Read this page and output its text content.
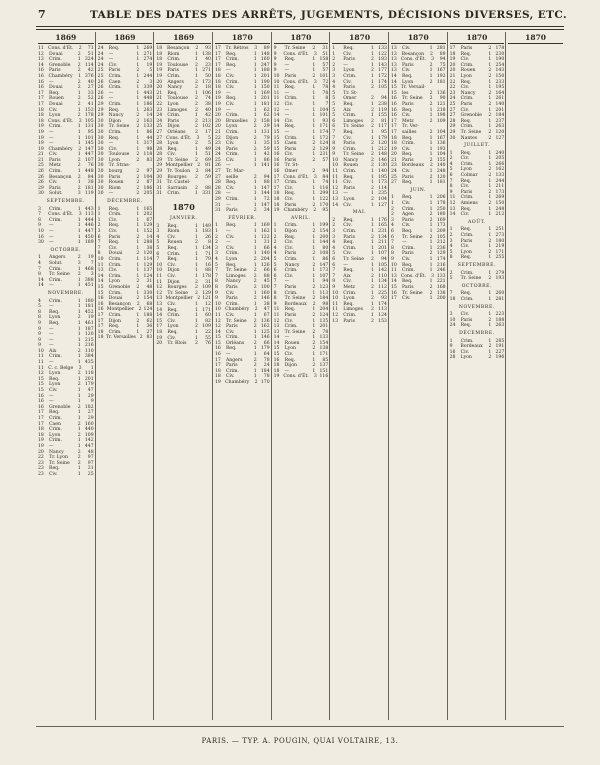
7	TABLE DES DATES DES ARRÊTS, JUGEMENTS, DÉCISIONS DIVERSES, ETC.
1869
11 Cons. d'Ét.	2	71
12	Douai	2	51
13	Crim.	1 324
14	Grenoble	2 114
16	Paris	2	42
16	Chambéry	1 376
16	—	2	40
16	Douai	2	27
17	Req.	1	33
17	Rouen	2	52
17	Douai	2	41
18	Civ.	1 153
18	Lyon	2 178
18 Cons. d'Ét.	3 105
19	Crim.	1 131
19	—	1	95
19	—	1 101
19	—	1 145
19	Chambéry	2 147
21	Civ.	1 447
21	Paris	2 107
25	Metz	2	76
26	Crim.	1 448
26	Besançon	2	84
26	Civ.	1	38
29	Paris	2 181
30	Solut.	3 119
SEPTEMBRE.
3	Crim.	1 443
7	Cons. d'Ét.	3 113
8	Crim.	1 444
9	—	1 446
10	—	1 447
16	—	1 450
30	—	1 189
OCTOBRE.
1	Angers	2	19
4	Solut.	3	7
7	Crim.	1 468
8	Tr. Seine	2	3
14	Crim.	1 388
14	—	1 451
NOVEMBRE.
4	Crim.	1 180
5	—	1 181
8	Req.	1 452
8	Lyon	2	19
9	Req.	1 461
9	—	1 187
9	—	1 120
9	—	1 215
9	—	1 216
10	Aix	2 110
11	Crim.	1 384
11	—	1 435
11 C. c. Belge	3	1
12	Lyon	2 118
15	Req.	1 201
15	Lyon	2 179
15	Civ.	1	47
16	—	1	29
16	—	1	9
16	Grenoble	2 182
17	Req.	1	27
17	Crim.	1	29
17	Caen	2 160
18	Crim.	1 440
18	Lyon	2 109
19	Crim.	1 142
19	—	1 447
20	Nancy	2	48
22	Tr. Lyon	2	97
23	Tr. Seine	2	97
23	Req.	1	31
23	Civ.	1	25
1869
24	Req.	1 269
24	—	1 271
24	—	1 274
24	Civ.	1	19
25	Paris	2	5
25	Crim.	1 244
26	Caen	2	3
26	Crim.	1 339
26	—	1 443
26	—	1 448
29	Crim.	1 186
29	Req.	1 263
29	Nancy	2	14
30	Dijon	2 163
30	Tr. Seine	2 133
30	Crim.	1	86
30	Req.	1	44
30	—	1 317
30	Civ.	1	98
30	Toulouse	2 118
30	Lyon	2	83
30	Tr. Stras-
30	bourg	2	97
30	Paris	2 104
30	Rouen	2	87
30	Riom	2 186
30	—	2 205
DÉCEMBRE.
1	Req.	1 165
1	Crim.	1 202
1	Civ.	1	67
2	Req.	1 129
3	Civ.	1 152
6	Paris	2	14
7	Req.	1 288
7	Civ.	1	38
8	Douai	2 120
10	Crim.	1 114
11	Crim.	1 129
13	Civ.	1 137
14	Crim.	1 124
14	Lyon	2	31
15	Grenoble	2	48
15	Crim.	1 330
16	Douai	2 154
16	Besançon	2	68
16 Montpellier 2 124
17	Crim.	1 188
17	Dijon	2	62
17	Req.	1	36
18	Crim.	1	27
18 Tr. Versailles 2 83
1869
18	Besançon	2	93
18	Riom	1 138
18	Crim.	1	40
19	Toulouse	2	23
19	Paris	1 271
19	Crim.	1	50
20	Angers	2 173
20	Nancy	2	18
21	Req.	1 106
21	Toulouse	2	74
22	Lyon	2	38
23	Limoges	2	40
24	Crim.	1	42
24	Paris	2 213
25	Dijon	2 102
27	Orléans	2	17
27 Cons. d'Ét.	3	5
28	Lyon	2	5
28	Req.	1	49
28	Civ.	1	51
29	Tr. Seine	2	69
29 Montpellier 2	81
29 Tr. Toulon	2	84
30	Bourges	2	59
31 Tr. Castel-
31	Sarrasin	2	88
31	Crim.	1 331
1870
JANVIER.
3	Req.	1 149
3	Riom	1 183
4	Civ.	1	26
5	Rouen	2	8
5	Req.	1 134
6	Crim.	1	71
7	Req.	1	79
10	Civ.	1	16
10	Dijon	1	88
11	Civ.	1 178
11	Dijon	2	31
12	Bourges	2 109
12	Tr. Seine	2 129
13 Montpellier 2 121
13	Civ.	1	12
14	Req.	1 171
14	Crim.	1	60
15	Civ.	1	82
17	Lyon	2 109
18	Req.	1	22
19	Civ.	1	55
20	Tr. Blois	2	76
1870
17	Tr. Rétros	3	89
17	Req.	1 148
17	Crim.	1 160
17	Req.	1 247
18	—	1 188
18	Civ.	1 201
18	Crim.	1 190
18	Civ.	1 150
19	—	1 169
19	Req.	1 201
19	Civ.	1 181
19	—	1	62
20	Crim.	1	62
20	Bruxelles	2 158
20	Lyon	2	29
21	Crim.	1 131
22	Dijon	2	79
23	Civ.	1	35
24	Paris	2	59
24	Crim.	1	42
25	Civ.	1	86
26	—	1 141
27	Tr. Mar-
27	seille	2	94
28	Req.	1	88
28	Civ.	1 147
28	—	1 144
29	Crim.	1	72
31	—	1 147
31	Paris	2	34
FÉVRIER.
1	Req.	1 169
1	—	1 162
2	Civ.	1 122
2	—	1	31
3	Civ.	1	66
3	Crim.	1 140
4	Lyon	2 204
5	Req.	1 126
7	Tr. Seine	2	66
7	Limoges	2	88
8	Nancy	2	45
8	Paris	2 100
9	Civ.	1 160
9	Paris	2 146
10	Crim.	1	38
10 Chambéry	2	47
11	Civ.	1	67
12	Tr. Seine	2 136
12	Paris	2 162
14	Civ.	1 125
15	Crim.	1 146
15	Orléans	2	66
16	Req.	1 179
16	—	1	64
17	Angers	2	78
17	Paris	2	24
18	Crim.	1 184
18	Civ.	1	78
19 Chambéry	2 170
1870
9	Tr. Seine	2	31
9	Cons. d'Ét.	3	51
9	Req.	1 158
9	—	1	57
9	—	1	57
10	Paris	2 101
10 Cons. d'Ét.	3	72
11	Req.	1	78
11	—	1	78
11	Crim.	1	8
12	Civ.	1	7
12	—	1 104
14	—	1 101
14	Civ.	1	93
14	Req.	1 171
15	—	1 174
15	Crim.	1 172
15	Caen	2 124
15	Paris	2 129
16	Civ.	1 231
16	Paris	2	57
16	Tr. St-
16	Omer	2	94
17 Cons. d'Ét.	3	84
17	Crim.	1	74
17	Civ.	1 116
18	Req.	1 299
18	Civ.	1 122
18	Paris	2 170
19 Chambéry	2	95
AVRIL.
1	Crim.	1 199
1	Dijon	2 154
2	Req.	1 200
2	Civ.	1 144
4	Civ.	1	80
4	Paris	2 108
5	Crim.	1	86
5	Nancy	2 147
6	Crim.	1 173
6	Civ.	1 107
7	—	1	94
7	Paris	2 123
8	Crim.	1 113
8	Tr. Seine	2 184
9	Bordeaux	2	98
11	Req.	1 204
11	Paris	2 124
12	Civ.	1 135
13	Crim.	1 201
13	Tr. Seine	2	78
14	—	1 133
14	Rouen	2 154
15	Lyon	2 138
15	Civ.	1 171
16	Req.	1	85
18	Dijon	2 137
18	—	1 151
19 Cons. d'Ét.	3 116
1870
1	Req.	1 133
1	Civ.	1 122
2	Paris	2 183
2	—	1 143
3	Lyon	2 177
3	Crim.	1 172
4	Civ.	1 174
4	Paris	2 105
5	Tr. St-
5	Omer	2	94
5	Req.	1 238
5	Aix	2 119
5	Crim.	1 155
6	Limoges	2	81
6	Tr. Seine	2 117
7	Req.	1	95
7	Civ.	1 179
8	Paris	2 120
9	Crim.	1 212
9	Tr. Seine	2 148
10	Nancy	2 146
10	Rouen	2 130
11	Crim.	1 140
11	Req.	1 195
11	Civ.	1 173
12	Paris	2 114
13	—	1 235
13	Lyon	2 104
14	Civ.	1 127
MAI.
2	Req.	1 176
2	Civ.	1 165
3	Crim.	1 231
3	Paris	2 134
4	Req.	1 211
4	Crim.	1 201
5	Civ.	1 107
6	Tr. Seine	2	94
6	—	1 105
7	Req.	1 142
7	Aix	2 110
9	Civ.	1 134
9	Metz	2 112
10	Crim.	1 225
10	Lyon	2	93
11	Req.	1 174
11	Limoges	2 113
12	Crim.	1 124
13	Paris	2 153
1870
13	Civ.	1 281
13	Besançon	2	89
13 Cons. d'Ét.	3	94
13	Paris	2	75
13	Civ.	1 167
14	Req.	1 192
14	Lyon	2 181
15 Tr. Versail-
15	les	2 136
16	Tr. Seine	2	90
16	Paris	2 121
16	Req.	1 218
16	Civ.	1 198
17	Metz	2 109
17	Tr. Ver-
17	sailles	2 104
18	Req.	1 167
18	Crim.	1 136
19	Civ.	1 193
20	Req.	1 104
21	Paris	2 155
23	Bordeaux	2 140
24	Civ.	1 248
25	Paris	2 120
27	Req.	1 181
JUIN.
1	Req.	1 206
1	Civ.	1 178
2	Crim.	1 250
2	Agen	2 180
3	Paris	2 169
4	Civ.	1 173
6	Req.	1 209
6	Tr. Seine	2 105
7	—	1 212
8	Crim.	1 236
8	Paris	2 129
9	Civ.	1 174
10	Req.	1 216
11	Crim.	1 246
13 Cons. d'Ét.	3 133
14	Req.	1 221
15	Paris	2 168
16	Tr. Seine	2 138
17	Civ.	1 200
1870
17	Paris	2 178
18	Req.	1 230
19	Civ.	1 190
20	Crim.	1 254
20	Rouen	2 143
21	Lyon	2 150
22	Req.	1 233
22	Civ.	1 195
23	Nancy	2 164
24	Crim.	1 261
25	Paris	2 140
27	Civ.	1 201
27	Grenoble	2 184
28	Req.	1 237
29	Crim.	1 263
29	Tr. Seine	2 120
30	Nantes	2 127
JUILLET.
1	Req.	1 240
2	Civ.	1 205
4	Crim.	1 266
5	Lyon	2 162
6	Colmar	2 133
7	Req.	1 244
8	Civ.	1 211
9	Paris	2 173
11	Crim.	1 269
12	Amiens	2 150
13	Req.	1 248
14	Civ.	1 212
AOÛT.
1	Req.	1 251
2	Crim.	1 273
3	Paris	2 180
4	Civ.	1 219
5	Lyon	2 171
8	Req.	1 255
SEPTEMBRE.
2	Crim.	1 279
5	Tr. Seine	2 193
OCTOBRE.
7	Req.	1 260
18	Crim.	1 281
NOVEMBRE.
3	Civ.	1 223
10	Paris	2 188
24	Req.	1 263
DÉCEMBRE.
1	Crim.	1 285
9	Bordeaux	2 191
16	Civ.	1 227
28	Lyon	2 196
1870
PARIS. — TYP. A. POUGIN, QUAI VOLTAIRE, 13.
